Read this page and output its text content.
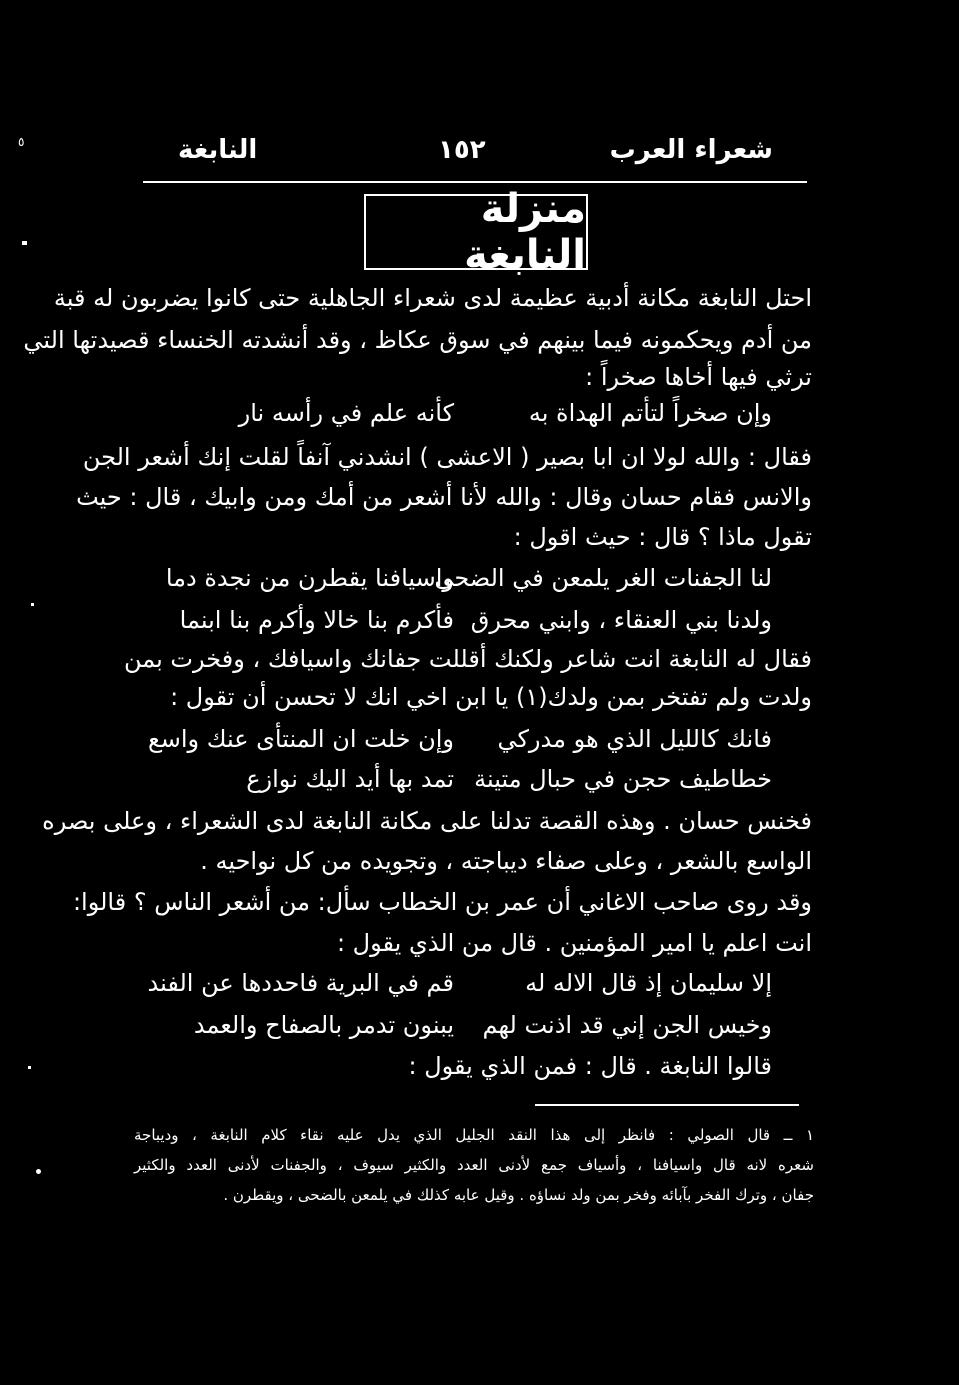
شعراء العرب
١٥٢
النابغة
منزلة النابغة
احتل النابغة مكانة أدبية عظيمة لدى شعراء الجاهلية حتى كانوا يضربون له قبة
من أدم ويحكمونه فيما بينهم في سوق عكاظ ، وقد أنشدته الخنساء قصيدتها التي
ترثي فيها أخاها صخراً :
وإن صخراً لتأتم الهداة به
كأنه علم في رأسه نار
فقال : والله لولا ان ابا بصير ( الاعشى ) انشدني آنفاً لقلت إنك أشعر الجن
والانس فقام حسان وقال : والله لأنا أشعر من أمك ومن وابيك ، قال : حيث
تقول ماذا ؟ قال : حيث اقول :
لنا الجفنات الغر يلمعن في الضحى
واسيافنا يقطرن من نجدة دما
ولدنا بني العنقاء ، وابني محرق
فأكرم بنا خالا وأكرم بنا ابنما
فقال له النابغة انت شاعر ولكنك أقللت جفانك واسيافك ، وفخرت بمن
ولدت ولم تفتخر بمن ولدك(١) يا ابن اخي انك لا تحسن أن تقول :
فانك كالليل الذي هو مدركي
وإن خلت ان المنتأى عنك واسع
خطاطيف حجن في حبال متينة
تمد بها أيد اليك نوازع
فخنس حسان . وهذه القصة تدلنا على مكانة النابغة لدى الشعراء ، وعلى بصره
الواسع بالشعر ، وعلى صفاء ديباجته ، وتجويده من كل نواحيه .
وقد روى صاحب الاغاني أن عمر بن الخطاب سأل: من أشعر الناس ؟ قالوا:
انت اعلم يا امير المؤمنين . قال من الذي يقول :
إلا سليمان إذ قال الاله له
قم في البرية فاحددها عن الفند
وخيس الجن إني قد اذنت لهم
يبنون تدمر بالصفاح والعمد
قالوا النابغة . قال : فمن الذي يقول :
١ ــ قال الصولي : فانظر إلى هذا النقد الجليل الذي يدل عليه نقاء كلام النابغة ، وديباجة
شعره لانه قال واسيافنا ، وأسياف جمع لأدنى العدد والكثير سيوف ، والجفنات لأدنى العدد والكثير
جفان ، وترك الفخر بآبائه وفخر بمن ولد نساؤه . وقيل عابه كذلك في يلمعن بالضحى ، ويقطرن .
٥
